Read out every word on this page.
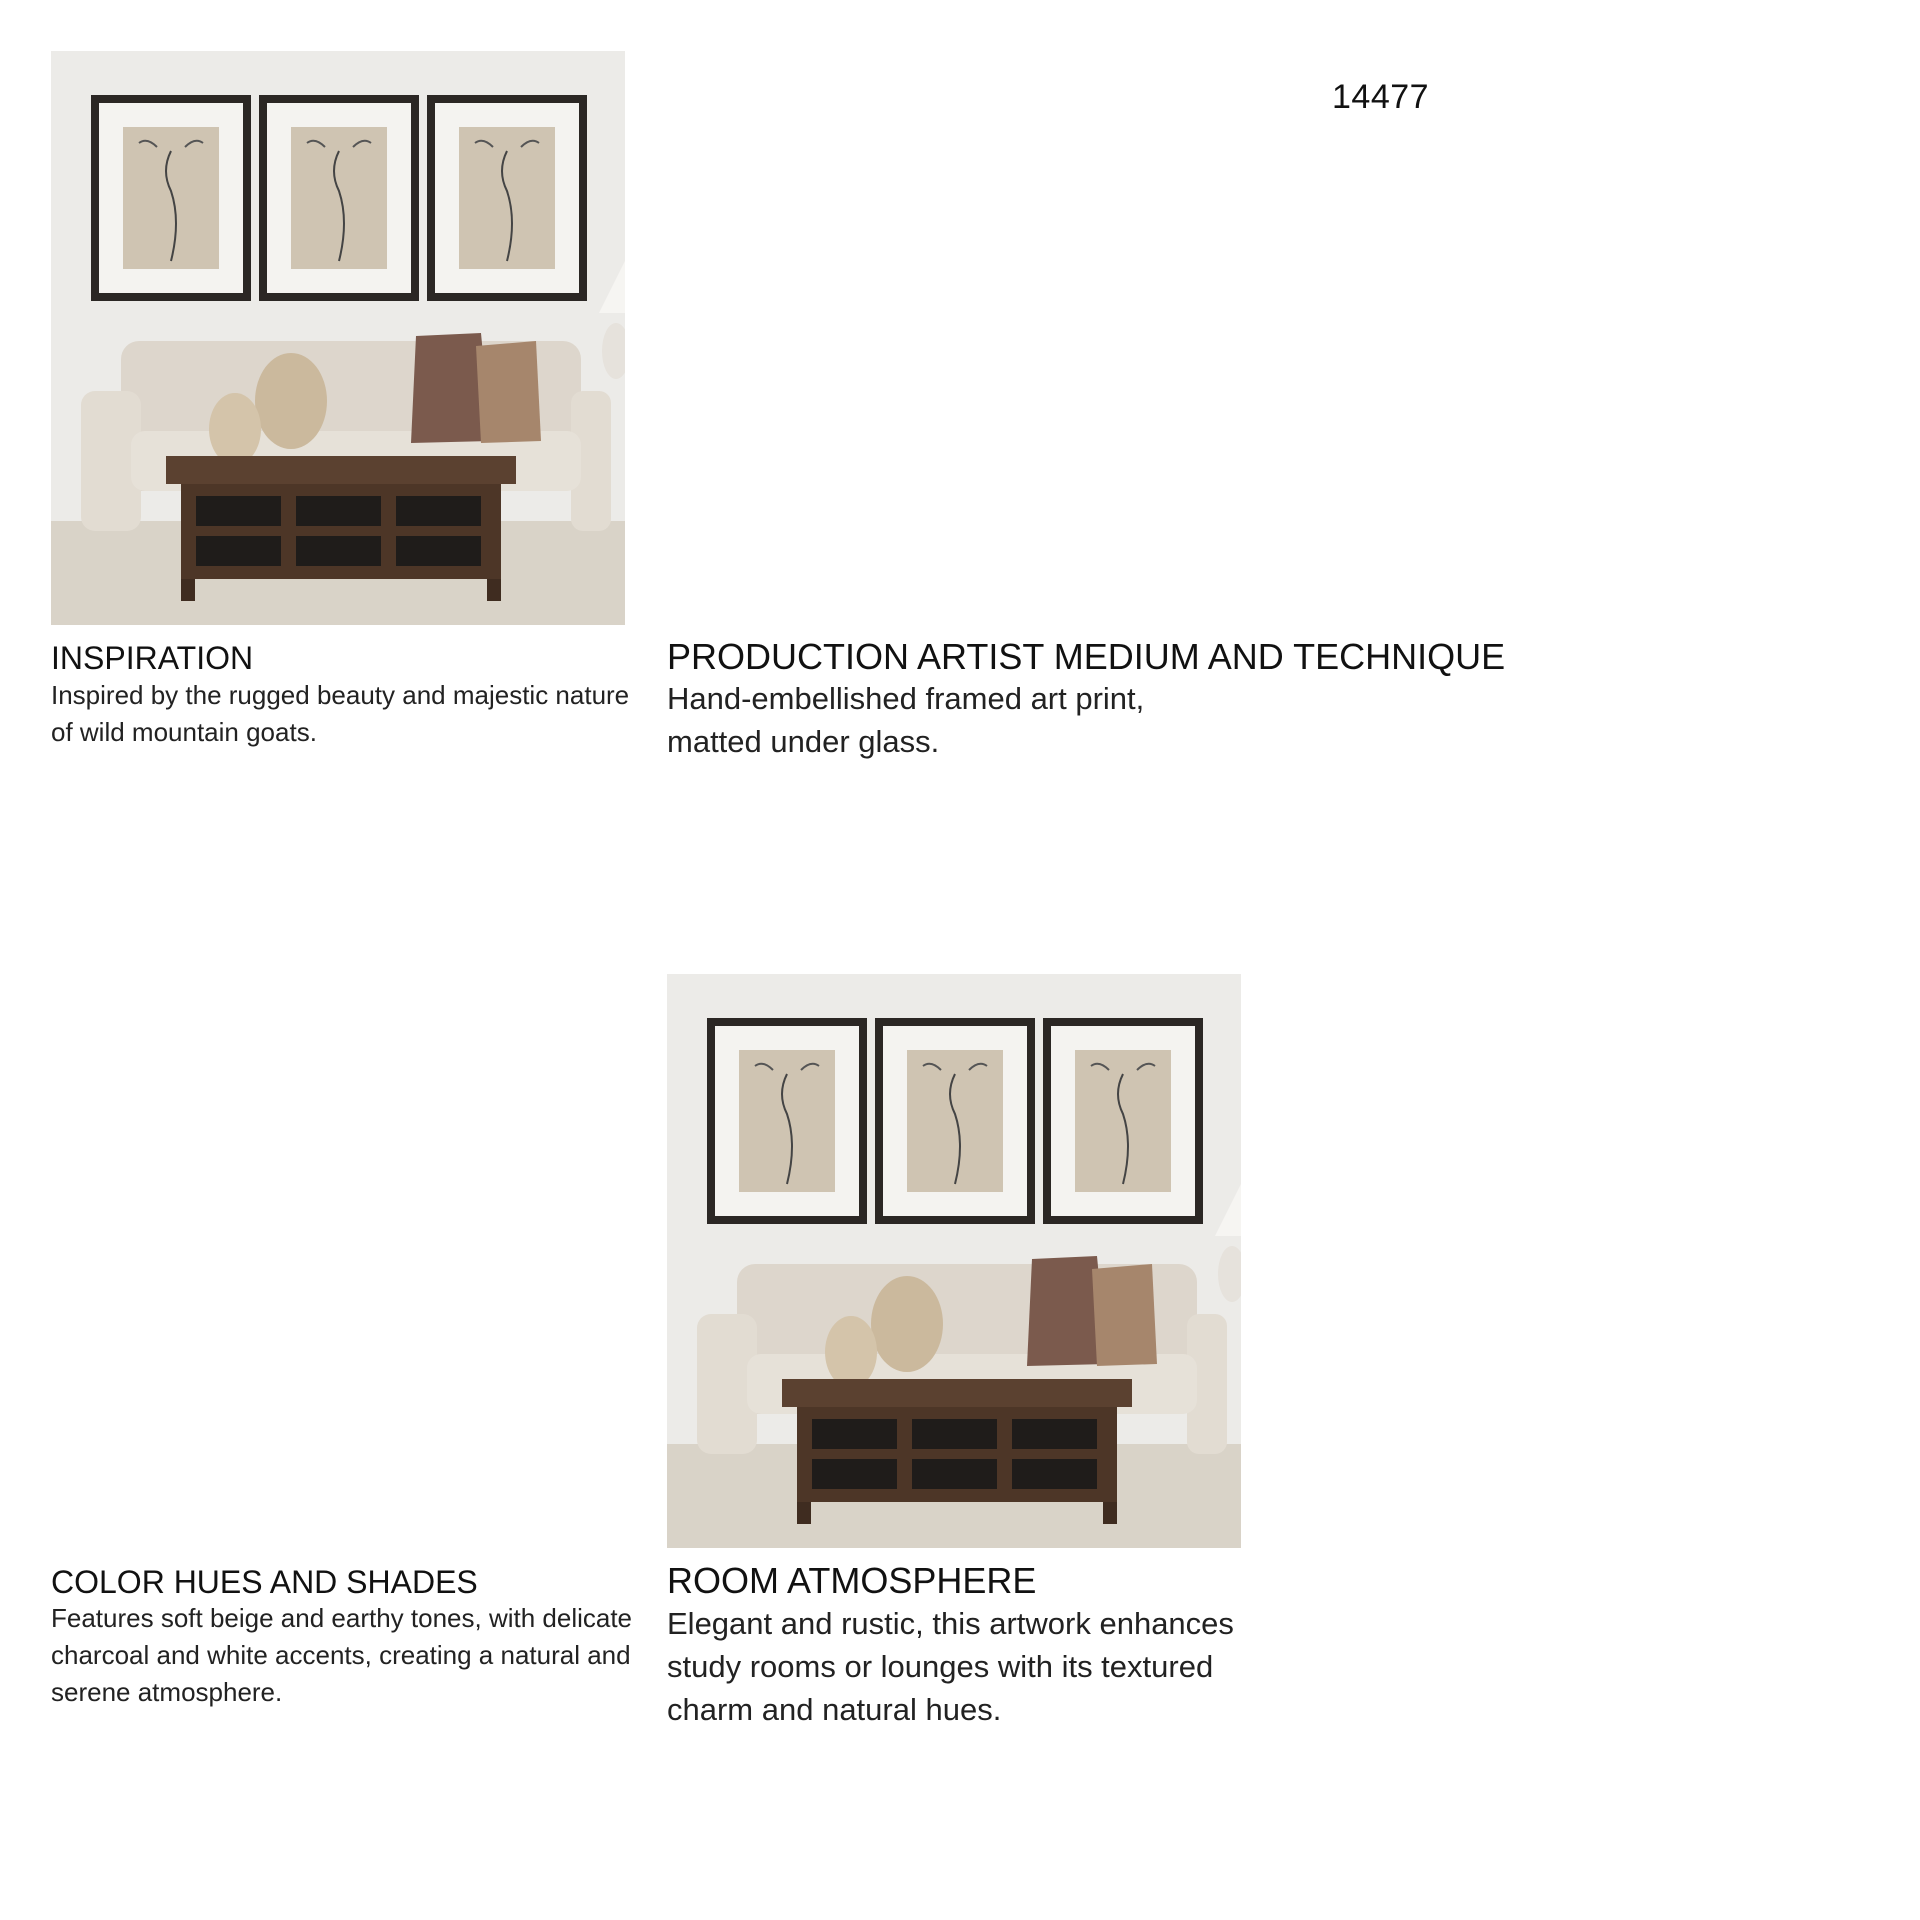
14477
INSPIRATION

Inspired by the rugged beauty and majestic nature of wild mountain goats.

PRODUCTION ARTIST MEDIUM AND TECHNIQUE

Hand-embellished framed art print, matted under glass.

COLOR HUES AND SHADES

Features soft beige and earthy tones, with delicate charcoal and white accents, creating a natural and serene atmosphere.

ROOM ATMOSPHERE

Elegant and rustic, this artwork enhances study rooms or lounges with its textured charm and natural hues.
